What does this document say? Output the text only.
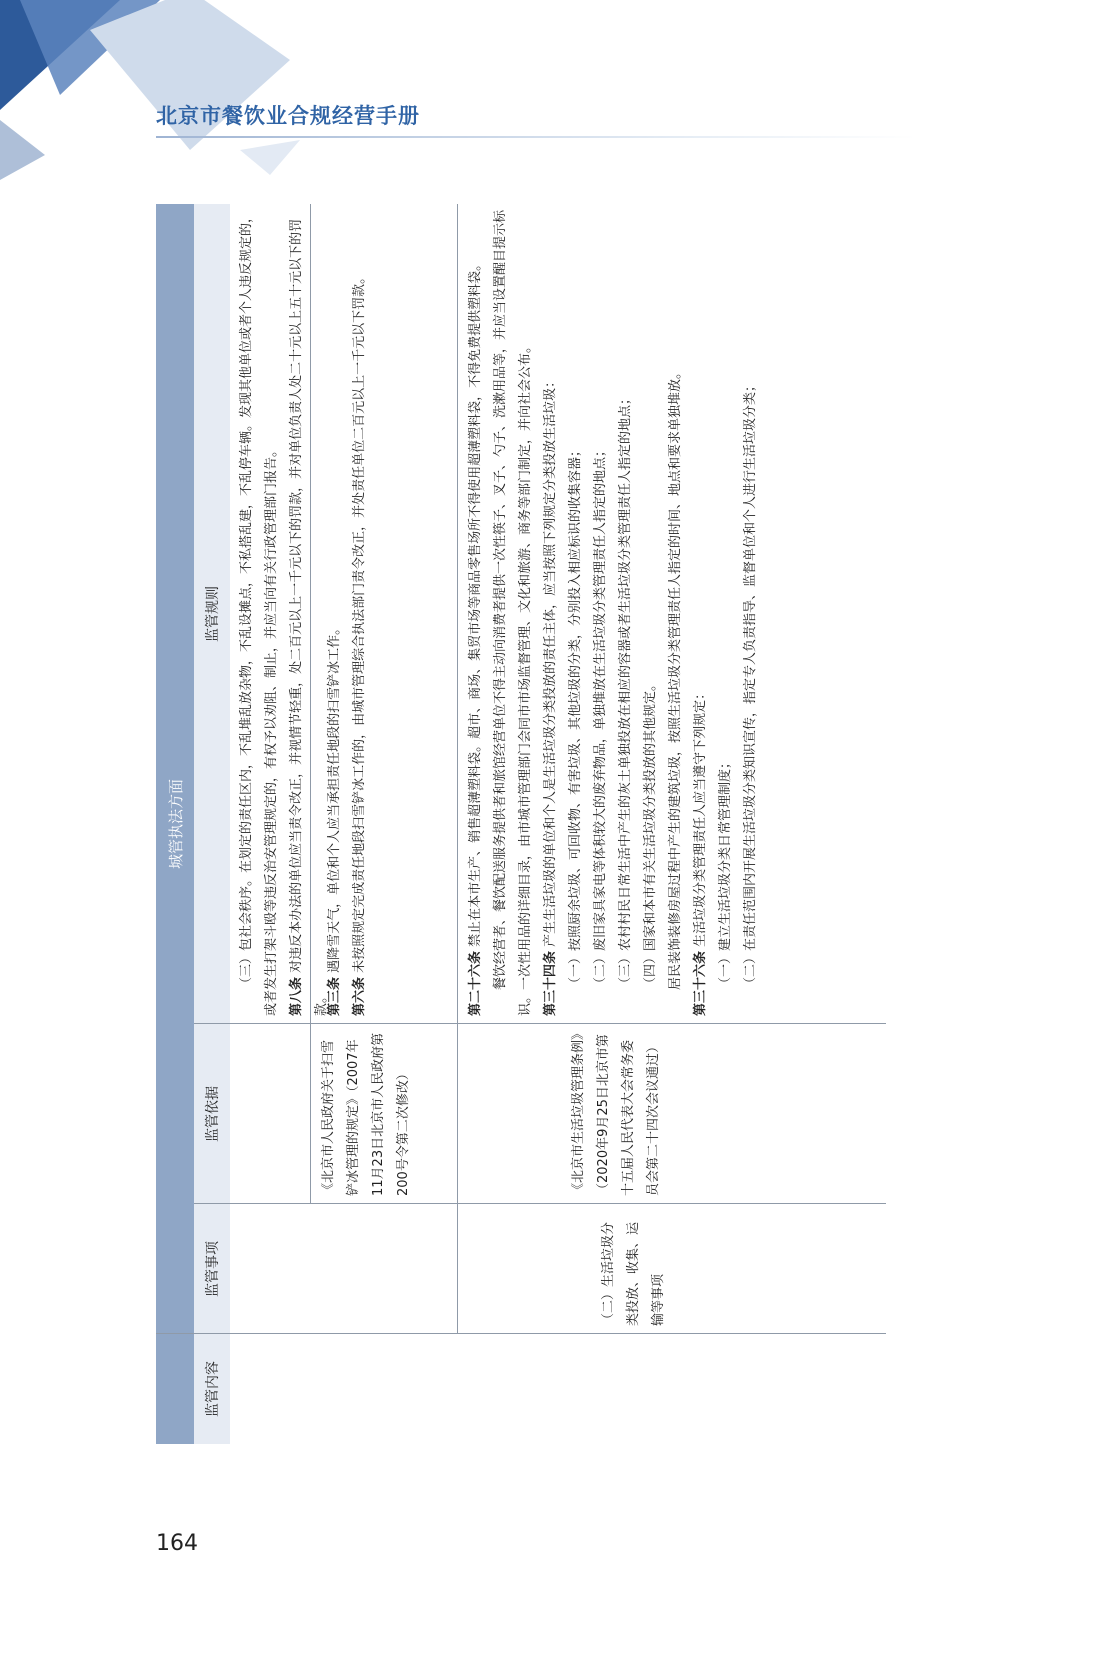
北京市餐饮业合规经营手册
城管执法方面
监管内容
监管事项
监管依据
监管规则	（三）包社会秩序。在划定的责任区内，不乱堆乱放杂物，不乱设摊点，不私搭乱建，不乱停车辆。发现其他单位或者个人违反规定的，或者发生打架斗殴等违反治安管理规定的，有权予以劝阻、制止，并应当向有关行政管理部门报告。 第八条 对违反本办法的单位应当责令改正，并视情节轻重，处二百元以上一千元以下的罚款，并对单位负责人处二十元以上五十元以下的罚款。

《北京市人民政府关于扫雪铲冰管理的规定》（2007年11月23日北京市人民政府第200号令第二次修改）

第三条 遇降雪天气，单位和个人应当承担责任地段的扫雪铲冰工作。

第六条 未按照规定完成责任地段扫雪铲冰工作的，由城市管理综合执法部门责令改正，并处责任单位二百元以上一千元以下罚款。

（二）生活垃圾分类投放、收集、运输等事项
《北京市生活垃圾管理条例》（2020年9月25日北京市第十五届人民代表大会常务委员会第二十四次会议通过）

第二十六条 禁止在本市生产、销售超薄塑料袋。超市、商场、集贸市场等商品零售场所不得使用超薄塑料袋，不得免费提供塑料袋。 餐饮经营者、餐饮配送服务提供者和旅馆经营单位不得主动向消费者提供一次性筷子、叉子、勺子、洗漱用品等，并应当设置醒目提示标识。一次性用品的详细目录，由市城市管理部门会同市市场监督管理、文化和旅游、商务等部门制定，并向社会公布。 第三十四条 产生生活垃圾的单位和个人是生活垃圾分类投放的责任主体，应当按照下列规定分类投放生活垃圾： （一）按照厨余垃圾、可回收物、有害垃圾、其他垃圾的分类，分别投入相应标识的收集容器； （二）废旧家具家电等体积较大的废弃物品，单独堆放在生活垃圾分类管理责任人指定的地点； （三）农村村民日常生活中产生的灰土单独投放在相应的容器或者生活垃圾分类管理责任人指定的地点； （四）国家和本市有关生活垃圾分类投放的其他规定。 居民装饰装修房屋过程中产生的建筑垃圾，按照生活垃圾分类管理责任人指定的时间、地点和要求单独堆放。 第三十六条 生活垃圾分类管理责任人应当遵守下列规定： （一）建立生活垃圾分类日常管理制度； （二）在责任范围内开展生活垃圾分类知识宣传，指定专人负责指导、监督单位和个人进行生活垃圾分类；

164
